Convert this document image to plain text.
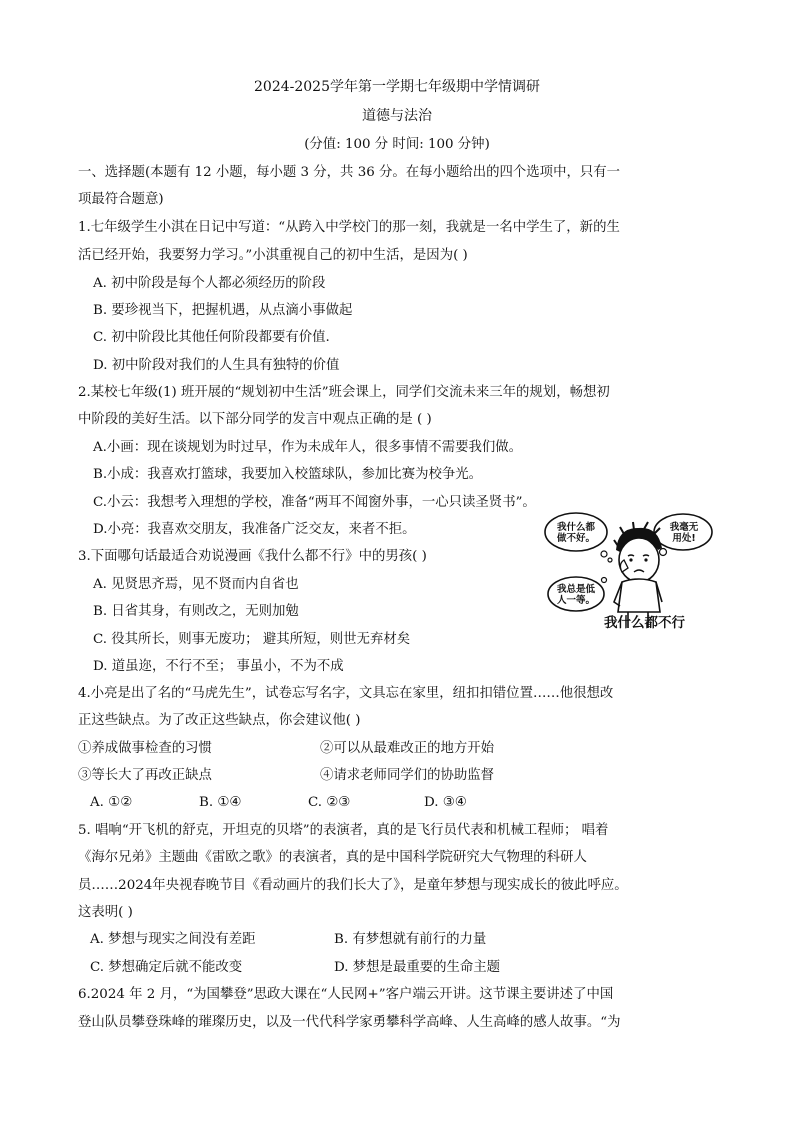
2024-2025学年第一学期七年级期中学情调研
道德与法治
(分值: 100 分 时间: 100 分钟)
一、选择题(本题有 12 小题，每小题 3 分，共 36 分。在每小题给出的四个选项中，只有一
项最符合题意)
1.七年级学生小淇在日记中写道：“从跨入中学校门的那一刻，我就是一名中学生了，新的生
活已经开始，我要努力学习。”小淇重视自己的初中生活，是因为( )
A. 初中阶段是每个人都必须经历的阶段
B. 要珍视当下，把握机遇，从点滴小事做起
C. 初中阶段比其他任何阶段都要有价值.
D. 初中阶段对我们的人生具有独特的价值
2.某校七年级(1) 班开展的“规划初中生活”班会课上，同学们交流未来三年的规划，畅想初
中阶段的美好生活。以下部分同学的发言中观点正确的是 ( )
A.小画：现在谈规划为时过早，作为未成年人，很多事情不需要我们做。
B.小成：我喜欢打篮球，我要加入校篮球队，参加比赛为校争光。
C.小云：我想考入理想的学校，准备“两耳不闻窗外事，一心只读圣贤书”。
D.小亮：我喜欢交朋友，我准备广泛交友，来者不拒。
3.下面哪句话最适合劝说漫画《我什么都不行》中的男孩( )
A. 见贤思齐焉，见不贤而内自省也
B. 日省其身，有则改之，无则加勉
C. 役其所长，则事无废功； 避其所短，则世无弃材矣
D. 道虽迩，不行不至； 事虽小，不为不成
我什么都
做不好。
我毫无
用处!
我总是低
人一等。
我什么都不行
4.小亮是出了名的“马虎先生”，试卷忘写名字，文具忘在家里，纽扣扣错位置……他很想改
正这些缺点。为了改正这些缺点，你会建议他( )
①养成做事检查的习惯	②可以从最难改正的地方开始
③等长大了再改正缺点	④请求老师同学们的协助监督
A. ①②	B. ①④	C. ②③	D. ③④
5. 唱响“开飞机的舒克，开坦克的贝塔”的表演者，真的是飞行员代表和机械工程师； 唱着
《海尔兄弟》主题曲《雷欧之歌》的表演者，真的是中国科学院研究大气物理的科研人
员……2024年央视春晚节目《看动画片的我们长大了》，是童年梦想与现实成长的彼此呼应。
这表明( )
A. 梦想与现实之间没有差距	B. 有梦想就有前行的力量
C. 梦想确定后就不能改变	D. 梦想是最重要的生命主题
6.2024 年 2 月，“为国攀登”思政大课在“人民网+”客户端云开讲。这节课主要讲述了中国
登山队员攀登珠峰的璀璨历史，以及一代代科学家勇攀科学高峰、人生高峰的感人故事。“为
